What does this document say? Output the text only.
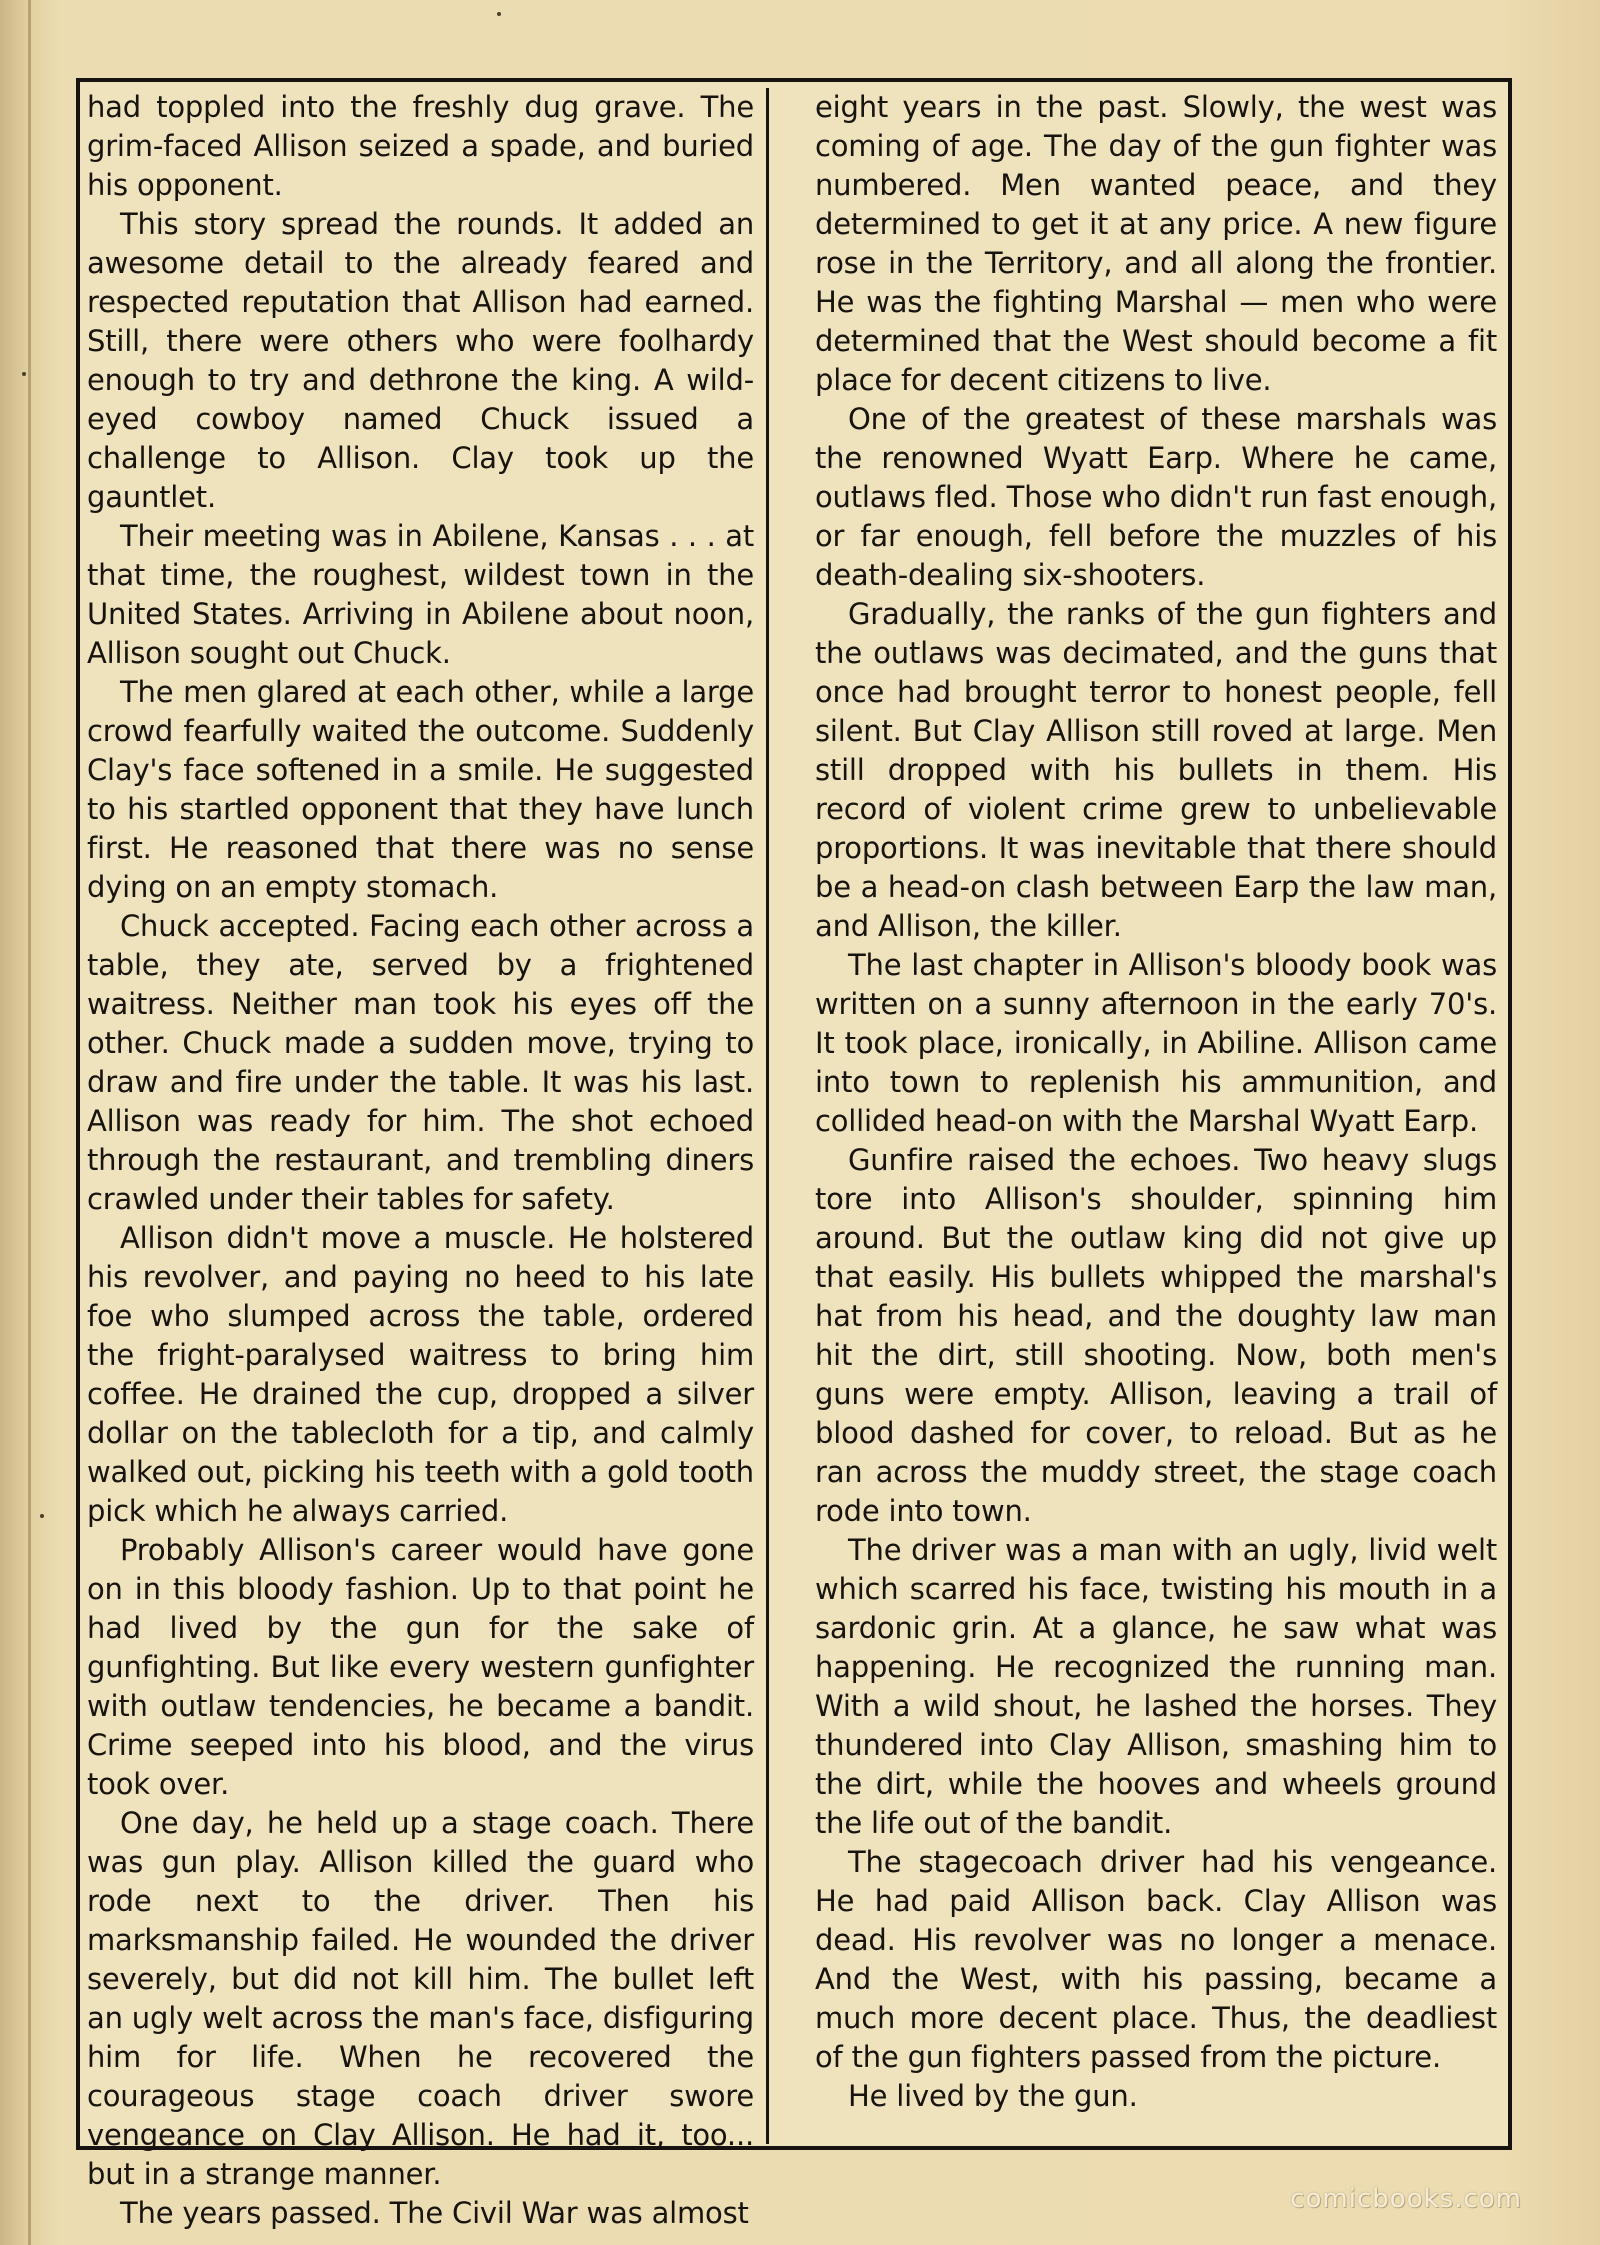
had toppled into the freshly dug grave. The grim-faced Allison seized a spade, and buried his opponent.

This story spread the rounds. It added an awesome detail to the already feared and respected reputation that Allison had earned. Still, there were others who were foolhardy enough to try and dethrone the king. A wild-eyed cowboy named Chuck issued a challenge to Allison. Clay took up the gauntlet.

Their meeting was in Abilene, Kansas . . . at that time, the roughest, wildest town in the United States. Arriving in Abilene about noon, Allison sought out Chuck.

The men glared at each other, while a large crowd fearfully waited the outcome. Suddenly Clay's face softened in a smile. He suggested to his startled opponent that they have lunch first. He reasoned that there was no sense dying on an empty stomach.

Chuck accepted. Facing each other across a table, they ate, served by a frightened waitress. Neither man took his eyes off the other. Chuck made a sudden move, trying to draw and fire under the table. It was his last. Allison was ready for him. The shot echoed through the restaurant, and trembling diners crawled under their tables for safety.

Allison didn't move a muscle. He holstered his revolver, and paying no heed to his late foe who slumped across the table, ordered the fright-paralysed waitress to bring him coffee. He drained the cup, dropped a silver dollar on the tablecloth for a tip, and calmly walked out, picking his teeth with a gold tooth pick which he always carried.

Probably Allison's career would have gone on in this bloody fashion. Up to that point he had lived by the gun for the sake of gunfighting. But like every western gunfighter with outlaw tendencies, he became a bandit. Crime seeped into his blood, and the virus took over.

One day, he held up a stage coach. There was gun play. Allison killed the guard who rode next to the driver. Then his marksmanship failed. He wounded the driver severely, but did not kill him. The bullet left an ugly welt across the man's face, disfiguring him for life. When he recovered the courageous stage coach driver swore vengeance on Clay Allison. He had it, too... but in a strange manner.

The years passed. The Civil War was almost

eight years in the past. Slowly, the west was coming of age. The day of the gun fighter was numbered. Men wanted peace, and they determined to get it at any price. A new figure rose in the Territory, and all along the frontier. He was the fighting Marshal — men who were determined that the West should become a fit place for decent citizens to live.

One of the greatest of these marshals was the renowned Wyatt Earp. Where he came, outlaws fled. Those who didn't run fast enough, or far enough, fell before the muzzles of his death-dealing six-shooters.

Gradually, the ranks of the gun fighters and the outlaws was decimated, and the guns that once had brought terror to honest people, fell silent. But Clay Allison still roved at large. Men still dropped with his bullets in them. His record of violent crime grew to unbelievable proportions. It was inevitable that there should be a head-on clash between Earp the law man, and Allison, the killer.

The last chapter in Allison's bloody book was written on a sunny afternoon in the early 70's. It took place, ironically, in Abiline. Allison came into town to replenish his ammunition, and collided head-on with the Marshal Wyatt Earp.

Gunfire raised the echoes. Two heavy slugs tore into Allison's shoulder, spinning him around. But the outlaw king did not give up that easily. His bullets whipped the marshal's hat from his head, and the doughty law man hit the dirt, still shooting. Now, both men's guns were empty. Allison, leaving a trail of blood dashed for cover, to reload. But as he ran across the muddy street, the stage coach rode into town.

The driver was a man with an ugly, livid welt which scarred his face, twisting his mouth in a sardonic grin. At a glance, he saw what was happening. He recognized the running man. With a wild shout, he lashed the horses. They thundered into Clay Allison, smashing him to the dirt, while the hooves and wheels ground the life out of the bandit.

The stagecoach driver had his vengeance. He had paid Allison back. Clay Allison was dead. His revolver was no longer a menace. And the West, with his passing, became a much more decent place. Thus, the deadliest of the gun fighters passed from the picture.

He lived by the gun.

comicbooks.com
